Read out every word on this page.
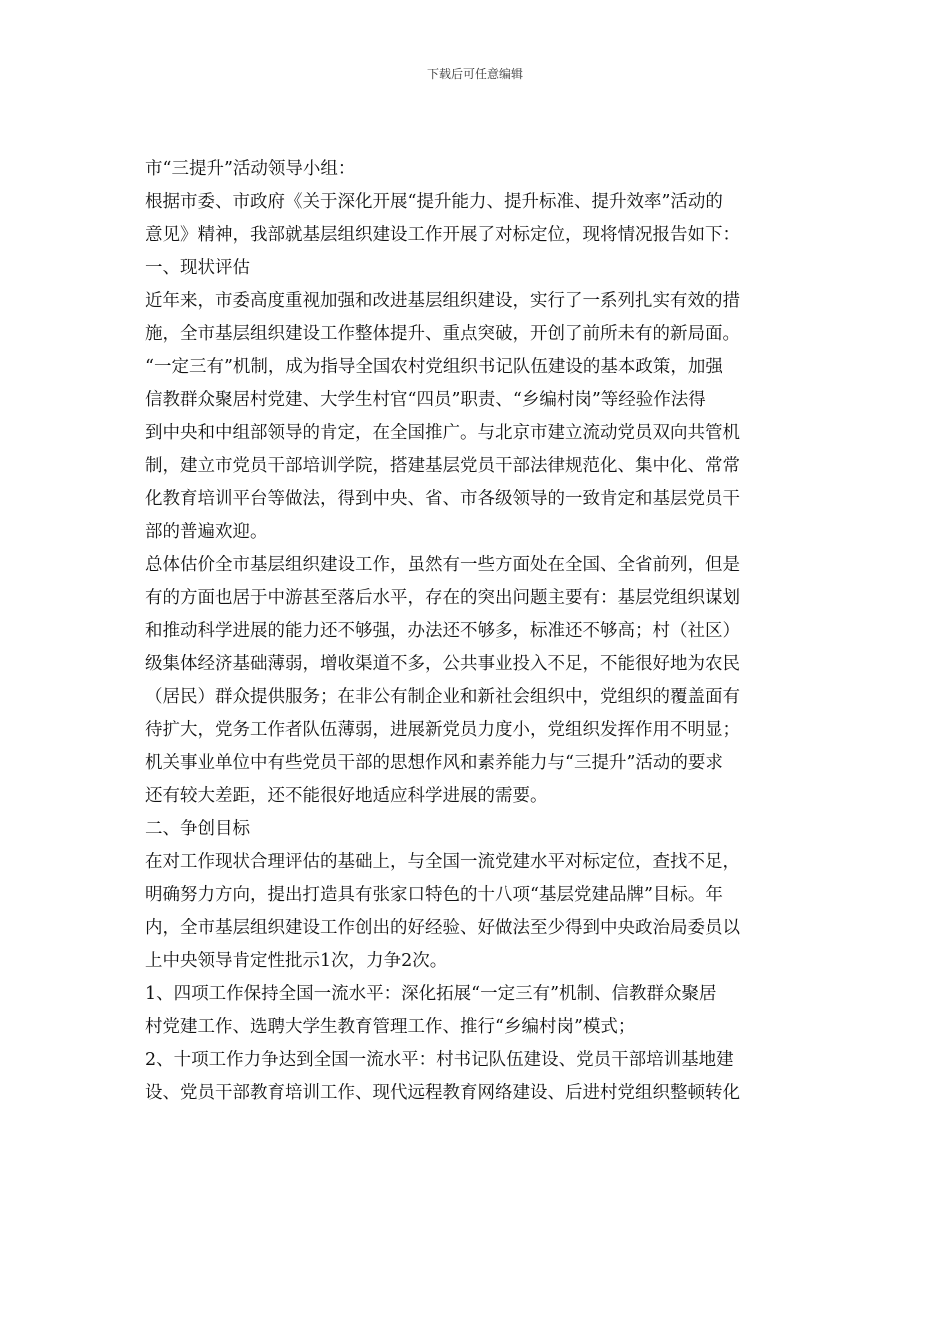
下载后可任意编辑
市“三提升”活动领导小组：
根据市委、市政府《关于深化开展“提升能力、提升标准、提升效率”活动的
意见》精神，我部就基层组织建设工作开展了对标定位，现将情况报告如下：
一、现状评估
近年来，市委高度重视加强和改进基层组织建设，实行了一系列扎实有效的措
施，全市基层组织建设工作整体提升、重点突破，开创了前所未有的新局面。
“一定三有”机制，成为指导全国农村党组织书记队伍建设的基本政策，加强
信教群众聚居村党建、大学生村官“四员”职责、“乡编村岗”等经验作法得
到中央和中组部领导的肯定，在全国推广。与北京市建立流动党员双向共管机
制，建立市党员干部培训学院，搭建基层党员干部法律规范化、集中化、常常
化教育培训平台等做法，得到中央、省、市各级领导的一致肯定和基层党员干
部的普遍欢迎。
总体估价全市基层组织建设工作，虽然有一些方面处在全国、全省前列，但是
有的方面也居于中游甚至落后水平，存在的突出问题主要有：基层党组织谋划
和推动科学进展的能力还不够强，办法还不够多，标准还不够高；村（社区）
级集体经济基础薄弱，增收渠道不多，公共事业投入不足，不能很好地为农民
（居民）群众提供服务；在非公有制企业和新社会组织中，党组织的覆盖面有
待扩大，党务工作者队伍薄弱，进展新党员力度小，党组织发挥作用不明显；
机关事业单位中有些党员干部的思想作风和素养能力与“三提升”活动的要求
还有较大差距，还不能很好地适应科学进展的需要。
二、争创目标
在对工作现状合理评估的基础上，与全国一流党建水平对标定位，查找不足，
明确努力方向，提出打造具有张家口特色的十八项“基层党建品牌”目标。年
内，全市基层组织建设工作创出的好经验、好做法至少得到中央政治局委员以
上中央领导肯定性批示1次，力争2次。
1、四项工作保持全国一流水平：深化拓展“一定三有”机制、信教群众聚居
村党建工作、选聘大学生教育管理工作、推行“乡编村岗”模式；
2、十项工作力争达到全国一流水平：村书记队伍建设、党员干部培训基地建
设、党员干部教育培训工作、现代远程教育网络建设、后进村党组织整顿转化
